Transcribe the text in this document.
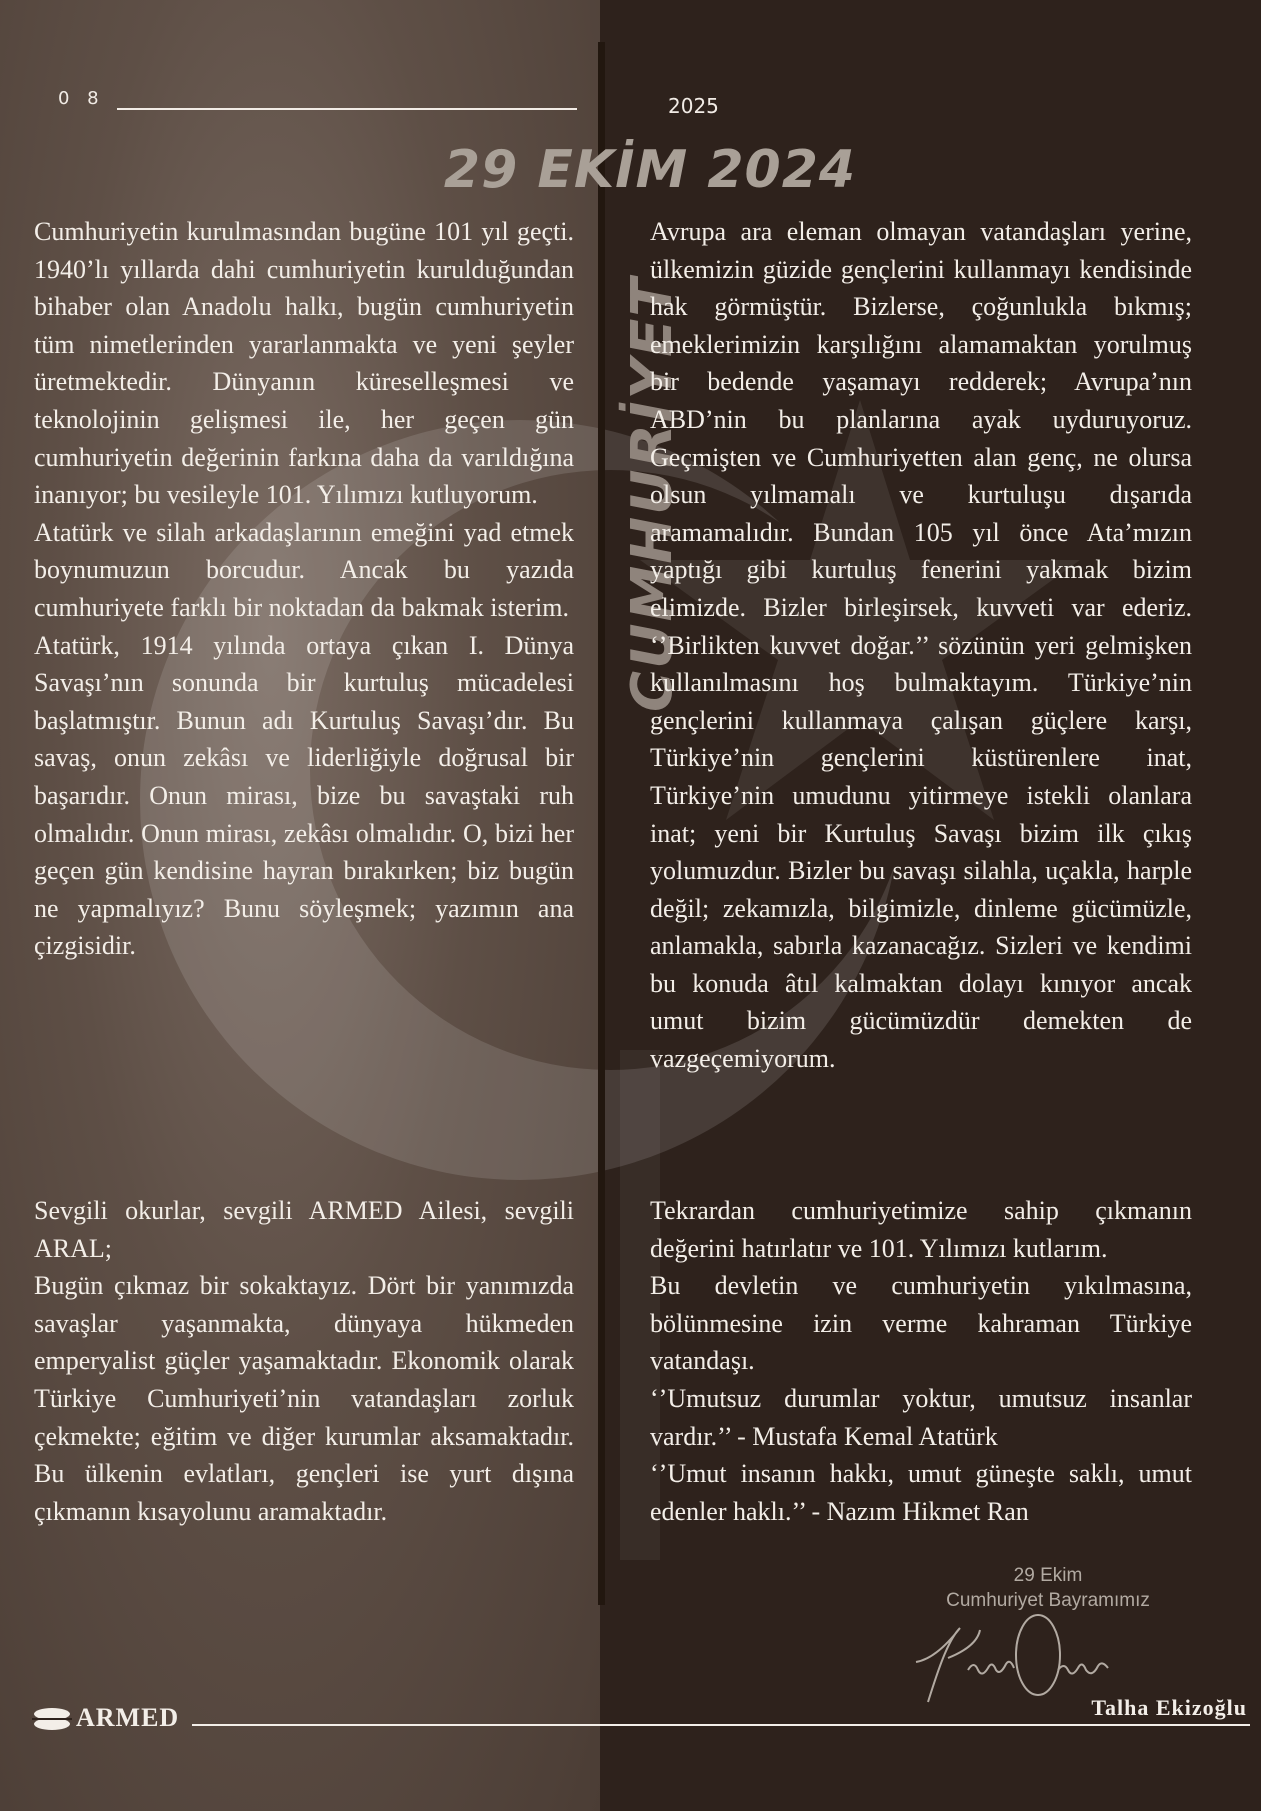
0 8	2025
29 EKİM 2024
CUMHURİYET

Cumhuriyetin kurulmasından bugüne 101 yıl geçti. 1940’lı yıllarda dahi cumhuriyetin kurulduğundan bihaber olan Anadolu halkı, bugün cumhuriyetin tüm nimetlerinden yararlanmakta ve yeni şeyler üretmektedir. Dünyanın küreselleşmesi ve teknolojinin gelişmesi ile, her geçen gün cumhuriyetin değerinin farkına daha da varıldığına inanıyor; bu vesileyle 101. Yılımızı kutluyorum.

Atatürk ve silah arkadaşlarının emeğini yad etmek boynumuzun borcudur. Ancak bu yazıda cumhuriyete farklı bir noktadan da bakmak isterim.

Atatürk, 1914 yılında ortaya çıkan I. Dünya Savaşı’nın sonunda bir kurtuluş mücadelesi başlatmıştır. Bunun adı Kurtuluş Savaşı’dır. Bu savaş, onun zekâsı ve liderliğiyle doğrusal bir başarıdır. Onun mirası, bize bu savaştaki ruh olmalıdır. Onun mirası, zekâsı olmalıdır. O, bizi her geçen gün kendisine hayran bırakırken; biz bugün ne yapmalıyız? Bunu söyleşmek; yazımın ana çizgisidir.

Sevgili okurlar, sevgili ARMED Ailesi, sevgili ARAL;

Bugün çıkmaz bir sokaktayız. Dört bir yanımızda savaşlar yaşanmakta, dünyaya hükmeden emperyalist güçler yaşamaktadır. Ekonomik olarak Türkiye Cumhuriyeti’nin vatandaşları zorluk çekmekte; eğitim ve diğer kurumlar aksamaktadır. Bu ülkenin evlatları, gençleri ise yurt dışına çıkmanın kısayolunu aramaktadır.

Avrupa ara eleman olmayan vatandaşları yerine, ülkemizin güzide gençlerini kullanmayı kendisinde hak görmüştür. Bizlerse, çoğunlukla bıkmış; emeklerimizin karşılığını alamamaktan yorulmuş bir bedende yaşamayı redderek; Avrupa’nın ABD’nin bu planlarına ayak uyduruyoruz. Geçmişten ve Cumhuriyetten alan genç, ne olursa olsun yılmamalı ve kurtuluşu dışarıda aramamalıdır. Bundan 105 yıl önce Ata’mızın yaptığı gibi kurtuluş fenerini yakmak bizim elimizde. Bizler birleşirsek, kuvveti var ederiz. ‘’Birlikten kuvvet doğar.’’ sözünün yeri gelmişken kullanılmasını hoş bulmaktayım. Türkiye’nin gençlerini kullanmaya çalışan güçlere karşı, Türkiye’nin gençlerini küstürenlere inat, Türkiye’nin umudunu yitirmeye istekli olanlara inat; yeni bir Kurtuluş Savaşı bizim ilk çıkış yolumuzdur. Bizler bu savaşı silahla, uçakla, harple değil; zekamızla, bilgimizle, dinleme gücümüzle, anlamakla, sabırla kazanacağız. Sizleri ve kendimi bu konuda âtıl kalmaktan dolayı kınıyor ancak umut bizim gücümüzdür demekten de vazgeçemiyorum.

Tekrardan cumhuriyetimize sahip çıkmanın değerini hatırlatır ve 101. Yılımızı kutlarım.

Bu devletin ve cumhuriyetin yıkılmasına, bölünmesine izin verme kahraman Türkiye vatandaşı.

‘’Umutsuz durumlar yoktur, umutsuz insanlar vardır.’’ - Mustafa Kemal Atatürk

‘’Umut insanın hakkı, umut güneşte saklı, umut edenler haklı.’’ - Nazım Hikmet Ran

29 Ekim
Cumhuriyet Bayramımız
Talha Ekizoğlu
ARMED
